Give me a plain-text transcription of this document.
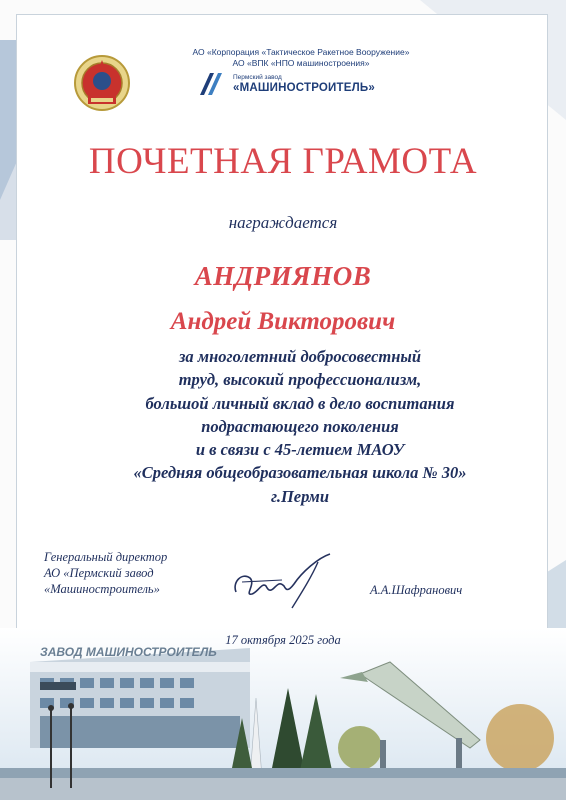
АО «Корпорация «Тактическое Ракетное Вооружение»
АО «ВПК «НПО машиностроения»
Пермский завод
«МАШИНОСТРОИТЕЛЬ»
ПОЧЕТНАЯ ГРАМОТА
награждается
АНДРИЯНОВ
Андрей Викторович
за многолетний добросовестный
труд, высокий профессионализм,
большой личный вклад в дело воспитания
подрастающего поколения
и в связи с 45-летием МАОУ
«Средняя общеобразовательная школа № 30»
г.Перми
Генеральный директор
АО «Пермский завод
«Машиностроитель»	А.А.Шафранович
ЗАВОД МАШИНОСТРОИТЕЛЬ
17 октября 2025 года
